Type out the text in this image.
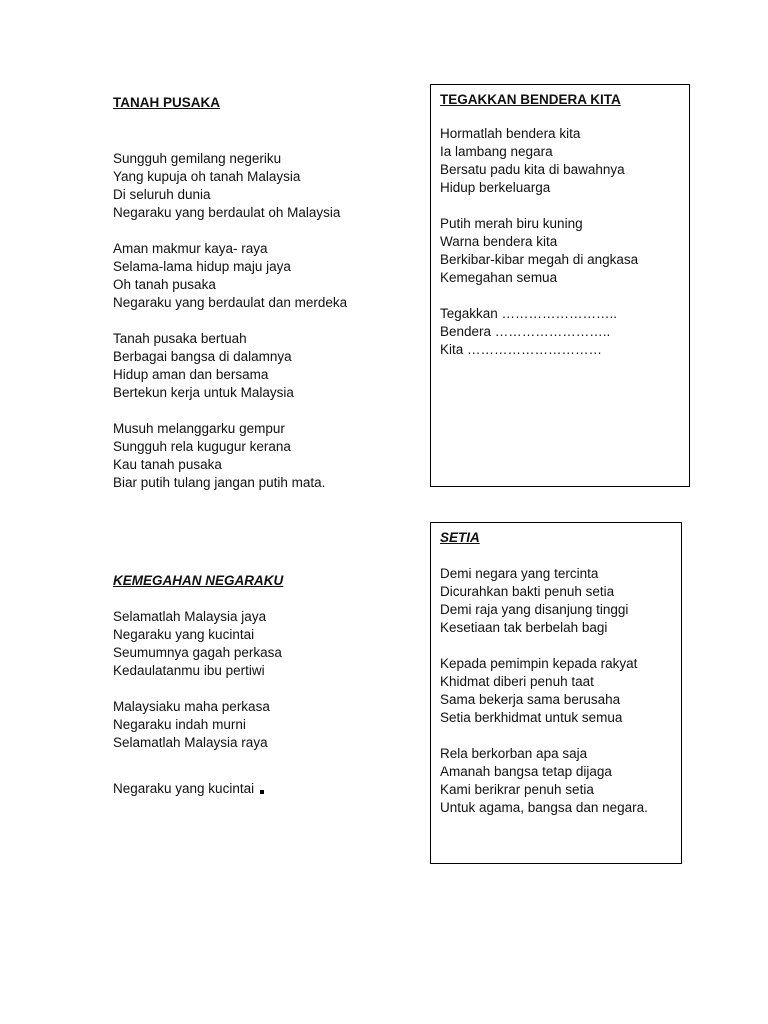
TANAH PUSAKA

Sungguh gemilang negeriku
Yang kupuja oh tanah Malaysia
Di seluruh dunia
Negaraku yang berdaulat oh Malaysia
Aman makmur kaya- raya
Selama-lama hidup maju jaya
Oh tanah pusaka
Negaraku yang berdaulat dan merdeka
Tanah pusaka bertuah
Berbagai bangsa di dalamnya
Hidup aman dan bersama
Bertekun kerja untuk Malaysia
Musuh melanggarku gempur
Sungguh rela kugugur kerana
Kau tanah pusaka
Biar putih tulang jangan putih mata.

TEGAKKAN BENDERA KITA

Hormatlah bendera kita
Ia lambang negara
Bersatu padu kita di bawahnya
Hidup berkeluarga
Putih merah biru kuning
Warna bendera kita
Berkibar-kibar megah di angkasa
Kemegahan semua
Tegakkan ……………………..
Bendera ……………………..
Kita …………………………

KEMEGAHAN NEGARAKU

Selamatlah Malaysia jaya
Negaraku yang kucintai
Seumumnya gagah perkasa
Kedaulatanmu ibu pertiwi
Malaysiaku maha perkasa
Negaraku indah murni
Selamatlah Malaysia raya
Negaraku yang kucintai

SETIA

Demi negara yang tercinta
Dicurahkan bakti penuh setia
Demi raja yang disanjung tinggi
Kesetiaan tak berbelah bagi
Kepada pemimpin kepada rakyat
Khidmat diberi penuh taat
Sama bekerja sama berusaha
Setia berkhidmat untuk semua
Rela berkorban apa saja
Amanah bangsa tetap dijaga
Kami berikrar penuh setia
Untuk agama, bangsa dan negara.
